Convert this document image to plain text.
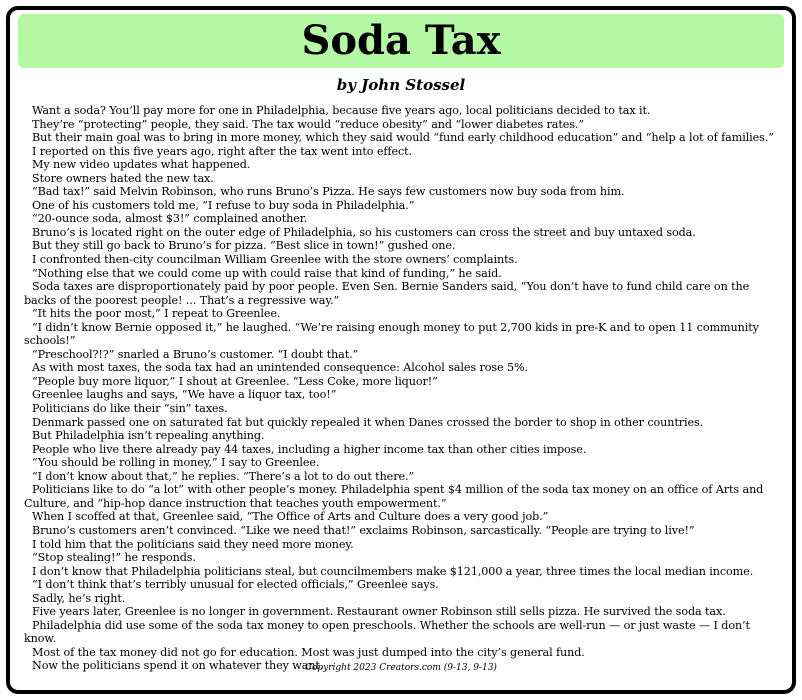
Soda Tax
by John Stossel

Want a soda? You’ll pay more for one in Philadelphia, because five years ago, local politicians decided to tax it.

They’re “protecting” people, they said. The tax would “reduce obesity” and “lower diabetes rates.”

But their main goal was to bring in more money, which they said would “fund early childhood education” and “help a lot of families.”

I reported on this five years ago, right after the tax went into effect.

My new video updates what happened.

Store owners hated the new tax.

“Bad tax!” said Melvin Robinson, who runs Bruno’s Pizza. He says few customers now buy soda from him.

One of his customers told me, “I refuse to buy soda in Philadelphia.”

“20-ounce soda, almost $3!” complained another.

Bruno’s is located right on the outer edge of Philadelphia, so his customers can cross the street and buy untaxed soda.

But they still go back to Bruno’s for pizza. “Best slice in town!” gushed one.

I confronted then-city councilman William Greenlee with the store owners’ complaints.

“Nothing else that we could come up with could raise that kind of funding,” he said.

Soda taxes are disproportionately paid by poor people. Even Sen. Bernie Sanders said, “You don’t have to fund child care on the backs of the poorest people! ... That’s a regressive way.”

“It hits the poor most,” I repeat to Greenlee.

“I didn’t know Bernie opposed it,” he laughed. “We’re raising enough money to put 2,700 kids in pre-K and to open 11 community schools!”

“Preschool?!?” snarled a Bruno’s customer. “I doubt that.”

As with most taxes, the soda tax had an unintended consequence: Alcohol sales rose 5%.

“People buy more liquor,” I shout at Greenlee. “Less Coke, more liquor!”

Greenlee laughs and says, “We have a liquor tax, too!”

Politicians do like their “sin” taxes.

Denmark passed one on saturated fat but quickly repealed it when Danes crossed the border to shop in other countries.

But Philadelphia isn’t repealing anything.

People who live there already pay 44 taxes, including a higher income tax than other cities impose.

“You should be rolling in money,” I say to Greenlee.

“I don’t know about that,” he replies. “There’s a lot to do out there.”

Politicians like to do “a lot” with other people’s money. Philadelphia spent $4 million of the soda tax money on an office of Arts and Culture, and “hip-hop dance instruction that teaches youth empowerment.”

When I scoffed at that, Greenlee said, “The Office of Arts and Culture does a very good job.”

Bruno’s customers aren’t convinced. “Like we need that!” exclaims Robinson, sarcastically. “People are trying to live!”

I told him that the politicians said they need more money.

“Stop stealing!” he responds.

I don’t know that Philadelphia politicians steal, but councilmembers make $121,000 a year, three times the local median income.

“I don’t think that’s terribly unusual for elected officials,” Greenlee says.

Sadly, he’s right.

Five years later, Greenlee is no longer in government. Restaurant owner Robinson still sells pizza. He survived the soda tax.

Philadelphia did use some of the soda tax money to open preschools. Whether the schools are well-run — or just waste — I don’t know.

Most of the tax money did not go for education. Most was just dumped into the city’s general fund.

Now the politicians spend it on whatever they want.

Copyright 2023 Creators.com (9-13, 9-13)
